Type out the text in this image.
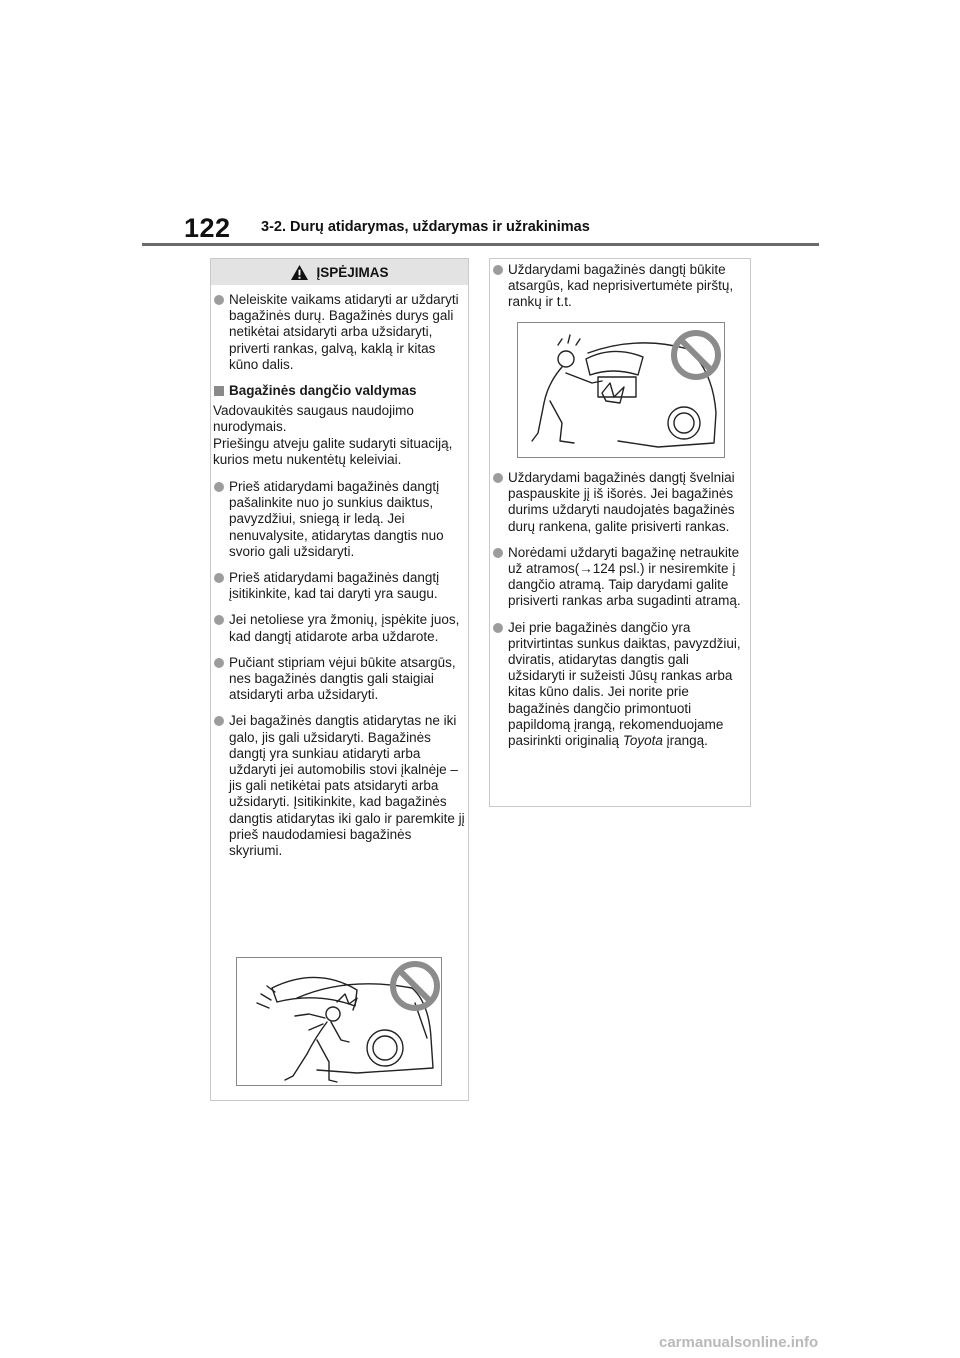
122 3-2. Durų atidarymas, uždarymas ir užrakinimas
ĮSPĖJIMAS
Neleiskite vaikams atidaryti ar uždaryti bagažinės durų. Bagažinės durys gali netikėtai atsidaryti arba užsidaryti, priverti rankas, galvą, kaklą ir kitas kūno dalis.
Bagažinės dangčio valdymas
Vadovaukitės saugaus naudojimo nurodymais.
Priešingu atveju galite sudaryti situaciją, kurios metu nukentėtų keleiviai.
Prieš atidarydami bagažinės dangtį pašalinkite nuo jo sunkius daiktus, pavyzdžiui, sniegą ir ledą. Jei nenuvalysite, atidarytas dangtis nuo svorio gali užsidaryti.
Prieš atidarydami bagažinės dangtį įsitikinkite, kad tai daryti yra saugu.
Jei netoliese yra žmonių, įspėkite juos, kad dangtį atidarote arba uždarote.
Pučiant stipriam vėjui būkite atsargūs, nes bagažinės dangtis gali staigiai atsidaryti arba užsidaryti.
Jei bagažinės dangtis atidarytas ne iki galo, jis gali užsidaryti. Bagažinės dangtį yra sunkiau atidaryti arba uždaryti jei automobilis stovi įkalnėje – jis gali netikėtai pats atsidaryti arba užsidaryti. Įsitikinkite, kad bagažinės dangtis atidarytas iki galo ir paremkite jį prieš naudodamiesi bagažinės skyriumi.
Uždarydami bagažinės dangtį būkite atsargūs, kad neprisivertumėte pirštų, rankų ir t.t.
Uždarydami bagažinės dangtį švelniai paspauskite jį iš išorės. Jei bagažinės durims uždaryti naudojatės bagažinės durų rankena, galite prisiverti rankas.
Norėdami uždaryti bagažinę netraukite už atramos(→124 psl.) ir nesiremkite į dangčio atramą. Taip darydami galite prisiverti rankas arba sugadinti atramą.
Jei prie bagažinės dangčio yra pritvirtintas sunkus daiktas, pavyzdžiui, dviratis, atidarytas dangtis gali užsidaryti ir sužeisti Jūsų rankas arba kitas kūno dalis. Jei norite prie bagažinės dangčio primontuoti papildomą įrangą, rekomenduojame pasirinkti originalią Toyota įrangą.
carmanualsonline.info
